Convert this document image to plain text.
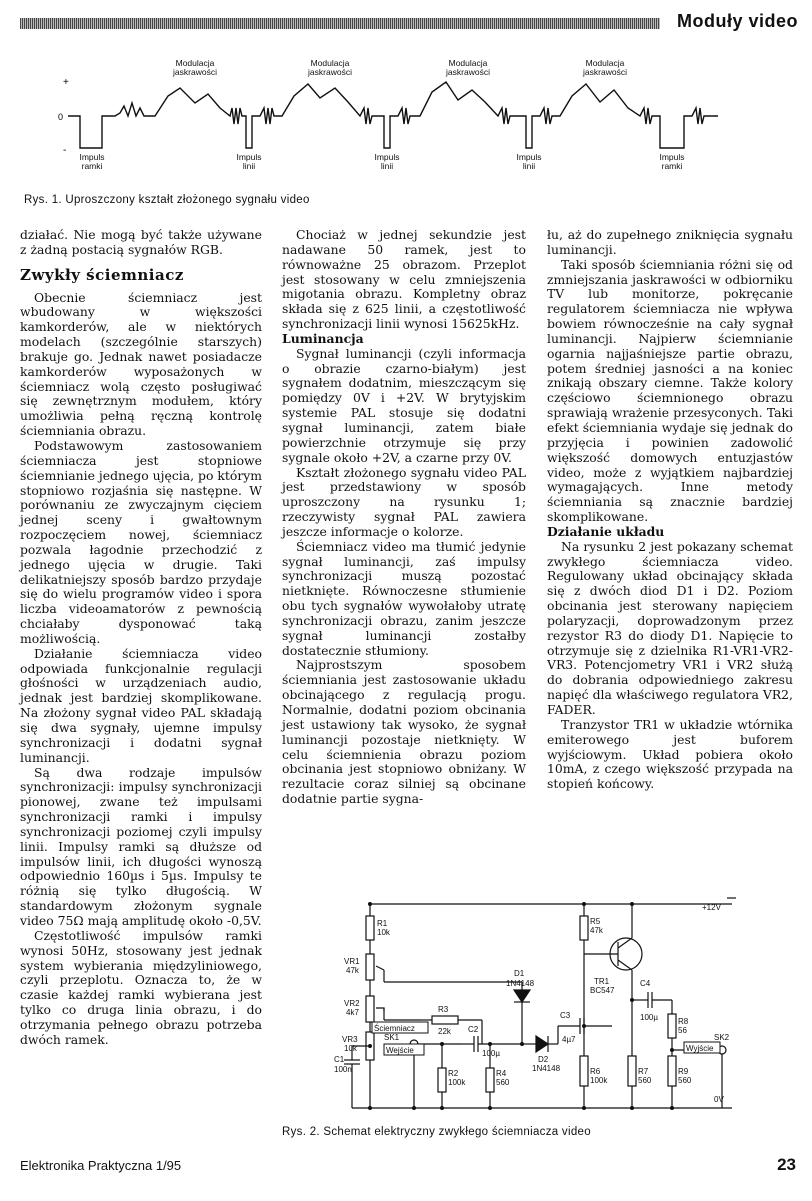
Moduły video
Modulacja jaskrawości
Modulacja jaskrawości
Modulacja jaskrawości
Modulacja jaskrawości
+
0
-
Impuls ramki
Impuls linii
Impuls linii
Impuls linii
Impuls ramki
Rys. 1. Uproszczony kształt złożonego sygnału video

działać. Nie mogą być także używane z żadną postacią sygnałów RGB.

Zwykły ściemniacz

Obecnie ściemniacz jest wbudowany w większości kamkorderów, ale w niektórych modelach (szczególnie starszych) brakuje go. Jednak nawet posiadacze kamkorderów wyposażonych w ściemniacz wolą często posługiwać się zewnętrznym modułem, który umożliwia pełną ręczną kontrolę ściemniania obrazu.

Podstawowym zastosowaniem ściemniacza jest stopniowe ściemnianie jednego ujęcia, po którym stopniowo rozjaśnia się następne. W porównaniu ze zwyczajnym cięciem jednej sceny i gwałtownym rozpoczęciem nowej, ściemniacz pozwala łagodnie przechodzić z jednego ujęcia w drugie. Taki delikatniejszy sposób bardzo przydaje się do wielu programów video i spora liczba videoamatorów z pewnością chciałaby dysponować taką możliwością.

Działanie ściemniacza video odpowiada funkcjonalnie regulacji głośności w urządzeniach audio, jednak jest bardziej skomplikowane. Na złożony sygnał video PAL składają się dwa sygnały, ujemne impulsy synchronizacji i dodatni sygnał luminancji.

Są dwa rodzaje impulsów synchronizacji: impulsy synchronizacji pionowej, zwane też impulsami synchronizacji ramki i impulsy synchronizacji poziomej czyli impulsy linii. Impulsy ramki są dłuższe od impulsów linii, ich długości wynoszą odpowiednio 160µs i 5µs. Impulsy te różnią się tylko długością. W standardowym złożonym sygnale video 75Ω mają amplitudę około -0,5V.

Częstotliwość impulsów ramki wynosi 50Hz, stosowany jest jednak system wybierania międzyliniowego, czyli przeplotu. Oznacza to, że w czasie każdej ramki wybierana jest tylko co druga linia obrazu, i do otrzymania pełnego obrazu potrzeba dwóch ramek.

Chociaż w jednej sekundzie jest nadawane 50 ramek, jest to równoważne 25 obrazom. Przeplot jest stosowany w celu zmniejszenia migotania obrazu. Kompletny obraz składa się z 625 linii, a częstotliwość synchronizacji linii wynosi 15625kHz.

Luminancja

Sygnał luminancji (czyli informacja o obrazie czarno-białym) jest sygnałem dodatnim, mieszczącym się pomiędzy 0V i +2V. W brytyjskim systemie PAL stosuje się dodatni sygnał luminancji, zatem białe powierzchnie otrzymuje się przy sygnale około +2V, a czarne przy 0V.

Kształt złożonego sygnału video PAL jest przedstawiony w sposób uproszczony na rysunku 1; rzeczywisty sygnał PAL zawiera jeszcze informacje o kolorze.

Ściemniacz video ma tłumić jedynie sygnał luminancji, zaś impulsy synchronizacji muszą pozostać nietknięte. Równoczesne stłumienie obu tych sygnałów wywołałoby utratę synchronizacji obrazu, zanim jeszcze sygnał luminancji zostałby dostatecznie stłumiony.

Najprostszym sposobem ściemniania jest zastosowanie układu obcinającego z regulacją progu. Normalnie, dodatni poziom obcinania jest ustawiony tak wysoko, że sygnał luminancji pozostaje nietknięty. W celu ściemnienia obrazu poziom obcinania jest stopniowo obniżany. W rezultacie coraz silniej są obcinane dodatnie partie sygna-

łu, aż do zupełnego zniknięcia sygnału luminancji.

Taki sposób ściemniania różni się od zmniejszania jaskrawości w odbiorniku TV lub monitorze, pokręcanie regulatorem ściemniacza nie wpływa bowiem równocześnie na cały sygnał luminancji. Najpierw ściemnianie ogarnia najjaśniejsze partie obrazu, potem średniej jasności a na koniec znikają obszary ciemne. Także kolory częściowo ściemnionego obrazu sprawiają wrażenie przesyconych. Taki efekt ściemniania wydaje się jednak do przyjęcia i powinien zadowolić większość domowych entuzjastów video, może z wyjątkiem najbardziej wymagających. Inne metody ściemniania są znacznie bardziej skomplikowane.

Działanie układu

Na rysunku 2 jest pokazany schemat zwykłego ściemniacza video. Regulowany układ obcinający składa się z dwóch diod D1 i D2. Poziom obcinania jest sterowany napięciem polaryzacji, doprowadzonym przez rezystor R3 do diody D1. Napięcie to otrzymuje się z dzielnika R1-VR1-VR2-VR3. Potencjometry VR1 i VR2 służą do dobrania odpowiedniego zakresu napięć dla właściwego regulatora VR2, FADER.

Tranzystor TR1 w układzie wtórnika emiterowego jest buforem wyjściowym. Układ pobiera około 10mA, z czego większość przypada na stopień końcowy.

+12V
0V
R1
10k
VR1
47k
VR2
4k7
VR3
10k
C1
100n
Ściemniacz
R3
22k
SK1
Wejście
C2
100µ
D1
1N4148
D2
1N4148
C3
4µ7
R2
100k
R4
560
R5
47k
R6
100k
TR1
BC547
C4
100µ
R7
560
R8
56
R9
560
SK2
Wyjście
Rys. 2. Schemat elektryczny zwykłego ściemniacza video
Elektronika Praktyczna 1/95	23
